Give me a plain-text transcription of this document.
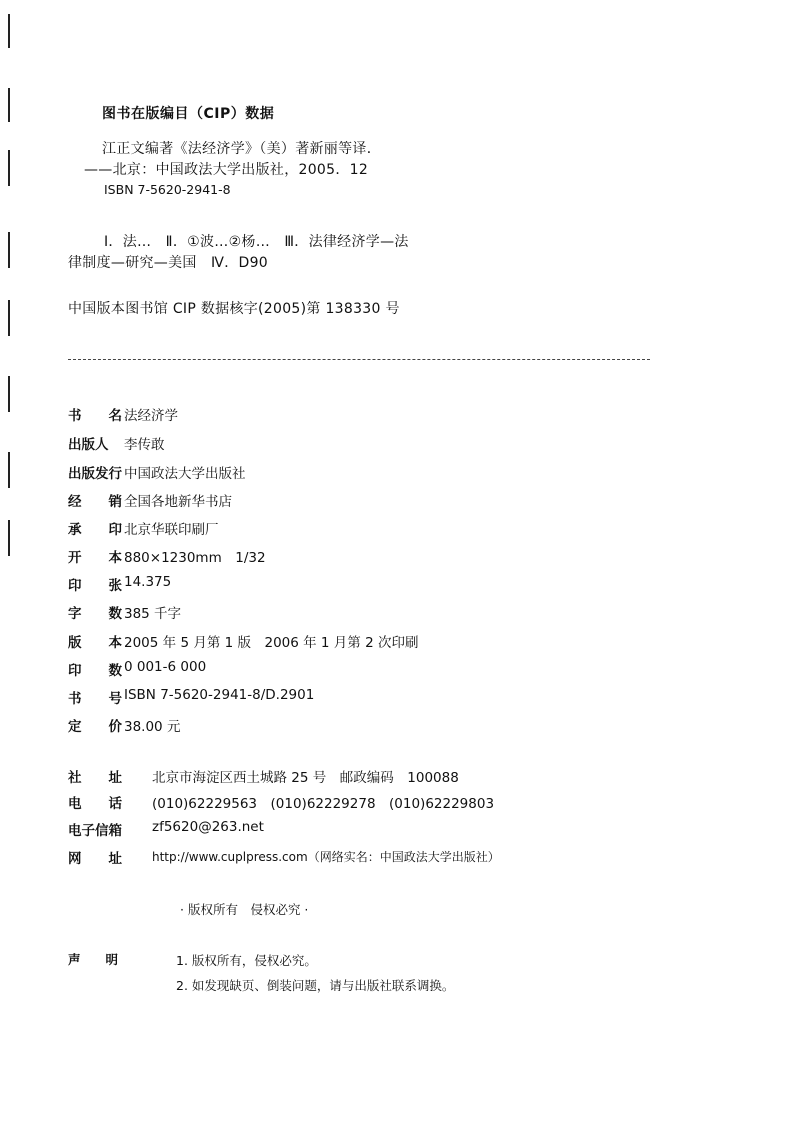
图书在版编目（CIP）数据
江正文编著《法经济学》（美）著新丽等译．
——北京：中国政法大学出版社，2005．12
ISBN 7-5620-2941-8
Ⅰ．法…　Ⅱ．①波…②杨…　Ⅲ．法律经济学—法
律制度—研究—美国　Ⅳ．D90
中国版本图书馆 CIP 数据核字(2005)第 138330 号
书　　名 法经济学
出版人 李传敢
出版发行 中国政法大学出版社
经　　销 全国各地新华书店
承　　印 北京华联印刷厂
开　　本 880×1230mm　1/32
印　　张 14.375
字　　数 385 千字
版　　本 2005 年 5 月第 1 版　2006 年 1 月第 2 次印刷
印　　数 0 001-6 000
书　　号 ISBN 7-5620-2941-8/D.2901
定　　价 38.00 元
社　　址 北京市海淀区西土城路 25 号　邮政编码　100088
电　　话 (010)62229563　(010)62229278　(010)62229803
电子信箱 zf5620@263.net
网　　址	http://www.cuplpress.com（网络实名：中国政法大学出版社）
· 版权所有　侵权必究 ·
声　　明	1. 版权所有，侵权必究。
2. 如发现缺页、倒装问题，请与出版社联系调换。
